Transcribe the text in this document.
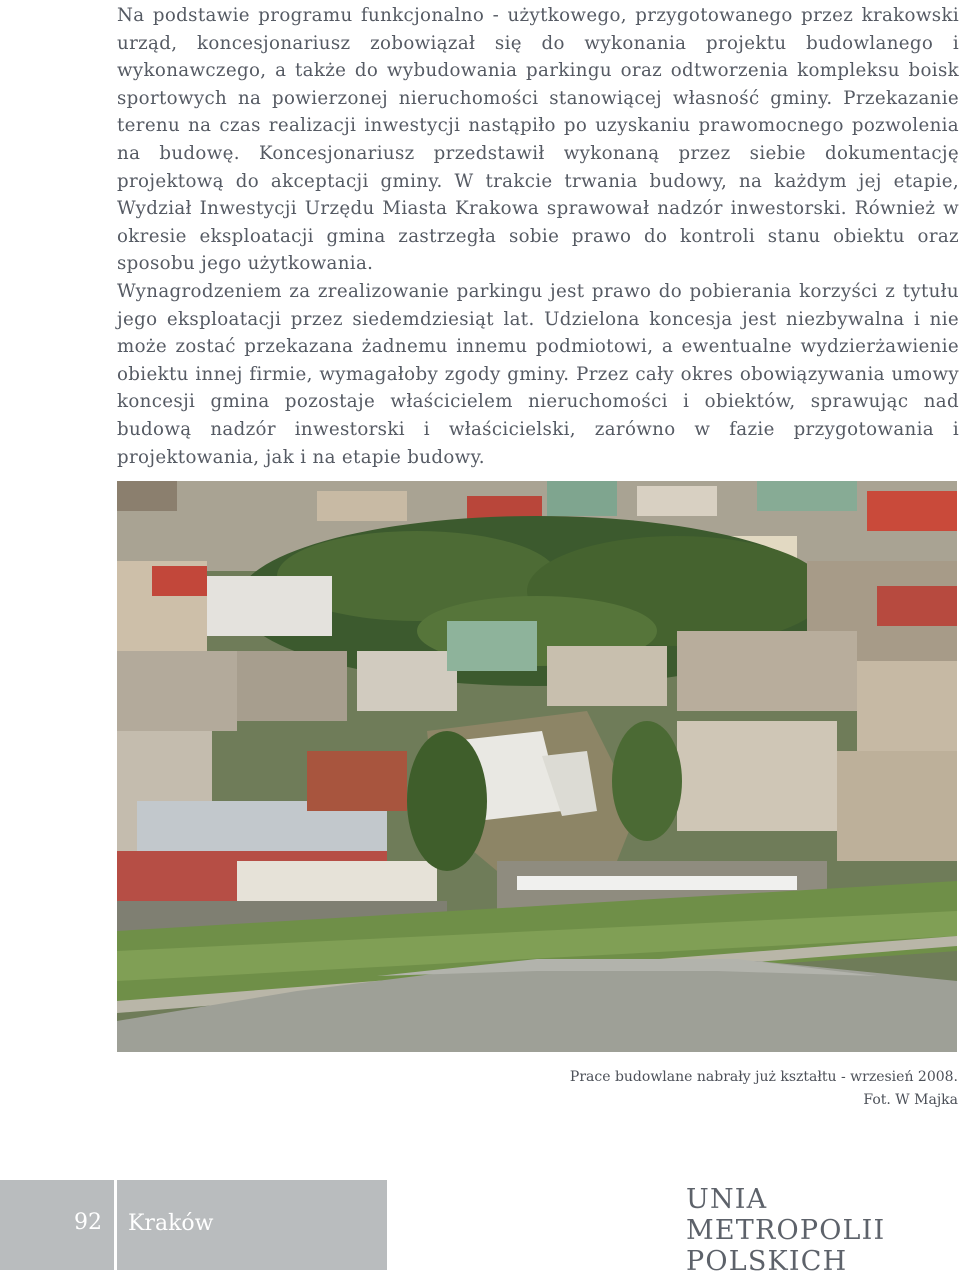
Na podstawie programu funkcjonalno - użytkowego, przygotowanego przez krakowski urząd, koncesjonariusz zobowiązał się do wykonania projektu budowlanego i wykonawczego, a także do wybudowania parkingu oraz odtworzenia kompleksu boisk sportowych na powierzonej nieruchomości stanowiącej własność gminy. Przekazanie terenu na czas realizacji inwestycji nastąpiło po uzyskaniu prawomocnego pozwolenia na budowę. Koncesjonariusz przedstawił wykonaną przez siebie dokumentację projektową do akceptacji gminy. W trakcie trwania budowy, na każdym jej etapie, Wydział Inwestycji Urzędu Miasta Krakowa sprawował nadzór inwestorski. Również w okresie eksploatacji gmina zastrzegła sobie prawo do kontroli stanu obiektu oraz sposobu jego użytkowania.

Wynagrodzeniem za zrealizowanie parkingu jest prawo do pobierania korzyści z tytułu jego eksploatacji przez siedemdziesiąt lat. Udzielona koncesja jest niezbywalna i nie może zostać przekazana żadnemu innemu podmiotowi, a ewentualne wydzierżawienie obiektu innej firmie, wymagałoby zgody gminy. Przez cały okres obowiązywania umowy koncesji gmina pozostaje właścicielem nieruchomości i obiektów, sprawując nad budową nadzór inwestorski i właścicielski, zarówno w fazie przygotowania i projektowania, jak i na etapie budowy.

Prace budowlane nabrały już kształtu - wrzesień 2008.
Fot. W Majka
92 Kraków
UNIA METROPOLII
POLSKICH
